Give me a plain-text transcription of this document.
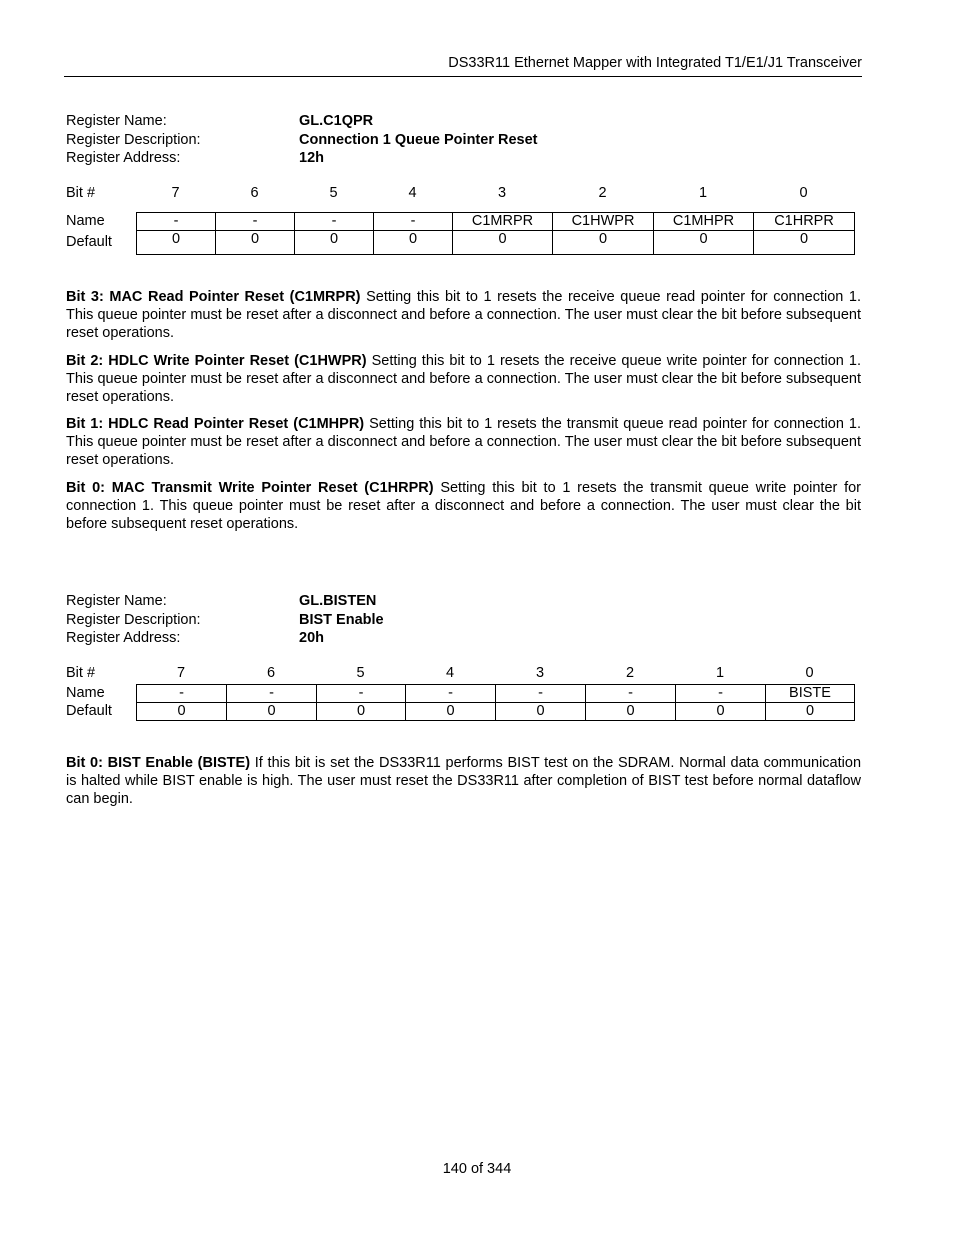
DS33R11 Ethernet Mapper with Integrated T1/E1/J1 Transceiver
Register Name:	GL.C1QPR
Register Description:	Connection 1 Queue Pointer Reset
Register Address:	12h
Bit #	7	6	5	4	3	2	1	0
Name	-	-	-	-	C1MRPR	C1HWPR	C1MHPR	C1HRPR
Default	0	0	0	0	0	0	0	0
Bit 3: MAC Read Pointer Reset (C1MRPR) Setting this bit to 1 resets the receive queue read pointer for connection 1. This queue pointer must be reset after a disconnect and before a connection. The user must clear the bit before subsequent reset operations.
Bit 2: HDLC Write Pointer Reset (C1HWPR) Setting this bit to 1 resets the receive queue write pointer for connection 1. This queue pointer must be reset after a disconnect and before a connection. The user must clear the bit before subsequent reset operations.
Bit 1: HDLC Read Pointer Reset (C1MHPR) Setting this bit to 1 resets the transmit queue read pointer for connection 1. This queue pointer must be reset after a disconnect and before a connection. The user must clear the bit before subsequent reset operations.
Bit 0: MAC Transmit Write Pointer Reset (C1HRPR) Setting this bit to 1 resets the transmit queue write pointer for connection 1. This queue pointer must be reset after a disconnect and before a connection. The user must clear the bit before subsequent reset operations.
Register Name:	GL.BISTEN
Register Description:	BIST Enable
Register Address:	20h
Bit #	7	6	5	4	3	2	1	0
Name	-	-	-	-	-	-	-	BISTE
Default	0	0	0	0	0	0	0	0
Bit 0: BIST Enable (BISTE) If this bit is set the DS33R11 performs BIST test on the SDRAM. Normal data communication is halted while BIST enable is high. The user must reset the DS33R11 after completion of BIST test before normal dataflow can begin.
140 of 344
